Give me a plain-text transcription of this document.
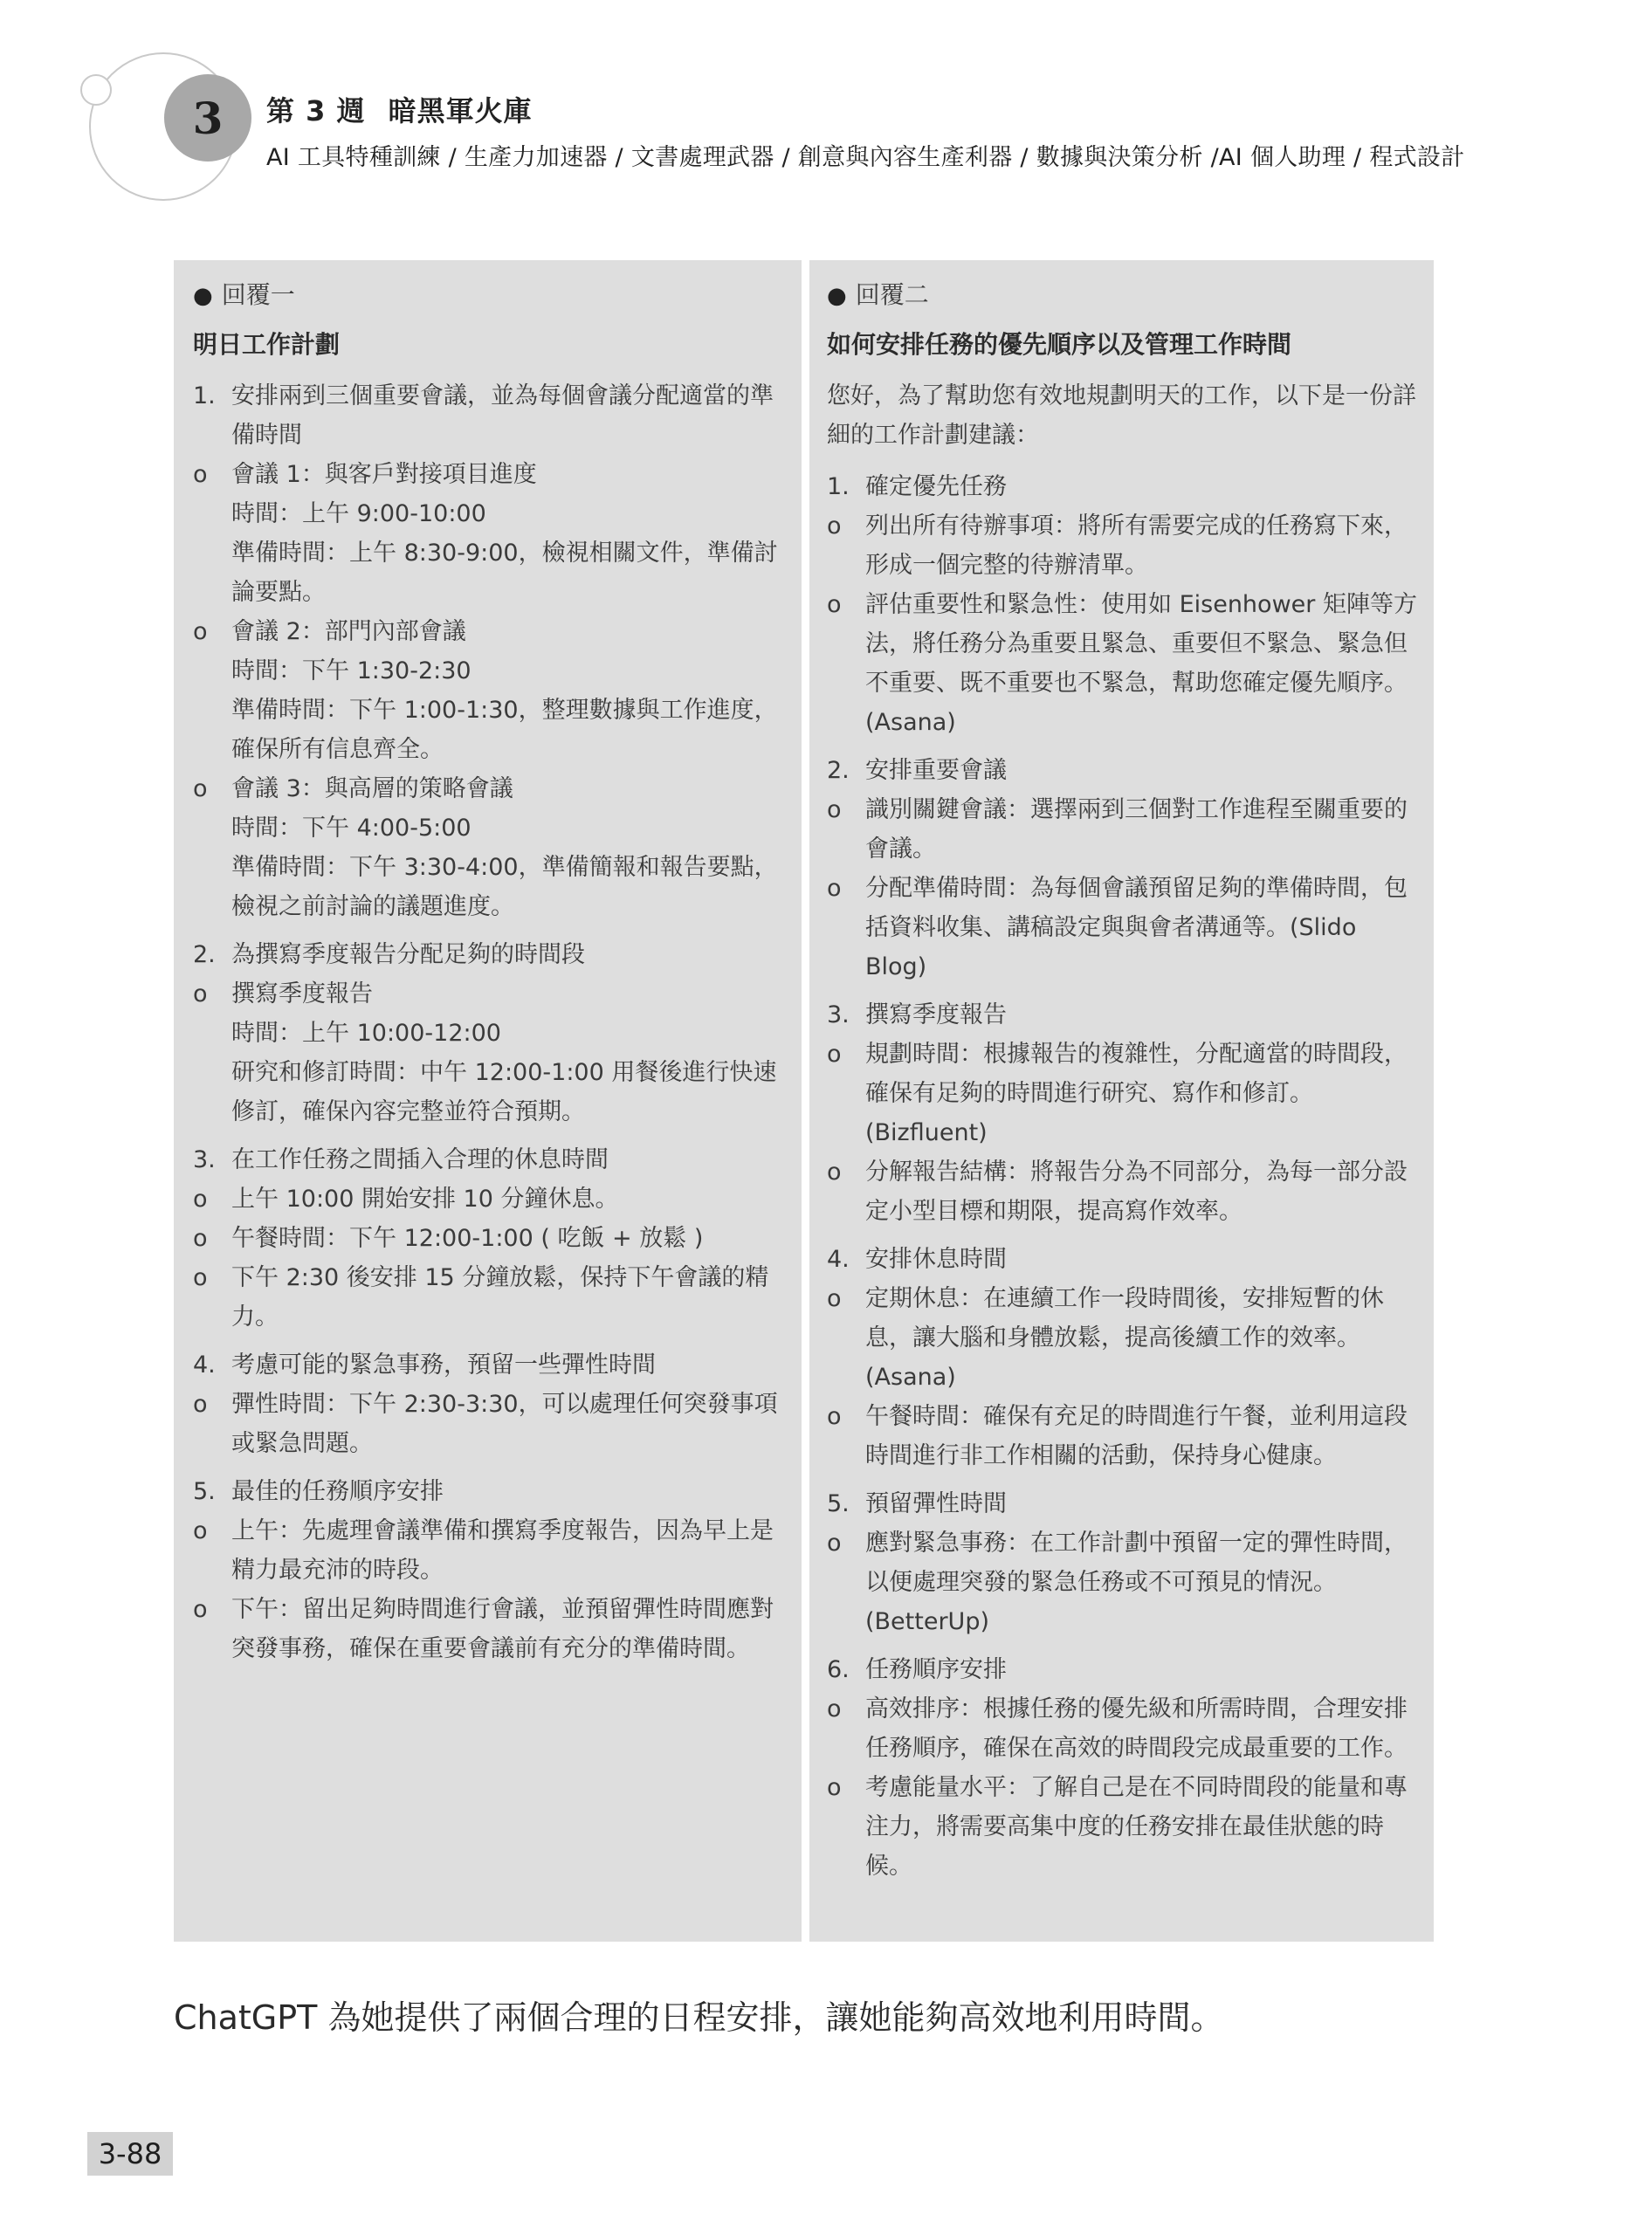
3 第 3 週 暗黑軍火庫
AI 工具特種訓練 / 生產力加速器 / 文書處理武器 / 創意與內容生產利器 / 數據與決策分析 /AI 個人助理 / 程式設計
● 回覆一
明日工作計劃
1. 安排兩到三個重要會議，並為每個會議分配適當的準備時間
o	會議 1：與客戶對接項目進度
時間：上午 9:00-10:00
準備時間：上午 8:30-9:00，檢視相關文件，準備討論要點。
o	會議 2：部門內部會議
時間：下午 1:30-2:30
準備時間：下午 1:00-1:30，整理數據與工作進度，確保所有信息齊全。
o	會議 3：與高層的策略會議
時間：下午 4:00-5:00
準備時間：下午 3:30-4:00，準備簡報和報告要點，檢視之前討論的議題進度。
2. 為撰寫季度報告分配足夠的時間段
o	撰寫季度報告
時間：上午 10:00-12:00
研究和修訂時間：中午 12:00-1:00 用餐後進行快速修訂，確保內容完整並符合預期。
3. 在工作任務之間插入合理的休息時間
o	上午 10:00 開始安排 10 分鐘休息。
o	午餐時間：下午 12:00-1:00 ( 吃飯 + 放鬆 )
o	下午 2:30 後安排 15 分鐘放鬆，保持下午會議的精力。
4. 考慮可能的緊急事務，預留一些彈性時間
o	彈性時間：下午 2:30-3:30，可以處理任何突發事項或緊急問題。
5. 最佳的任務順序安排
o	上午：先處理會議準備和撰寫季度報告，因為早上是精力最充沛的時段。
o	下午：留出足夠時間進行會議，並預留彈性時間應對突發事務，確保在重要會議前有充分的準備時間。
● 回覆二
如何安排任務的優先順序以及管理工作時間
您好，為了幫助您有效地規劃明天的工作，以下是一份詳細的工作計劃建議：
1. 確定優先任務
o	列出所有待辦事項：將所有需要完成的任務寫下來，形成一個完整的待辦清單。
o	評估重要性和緊急性：使用如 Eisenhower 矩陣等方法，將任務分為重要且緊急、重要但不緊急、緊急但不重要、既不重要也不緊急，幫助您確定優先順序。(Asana)
2. 安排重要會議
o	識別關鍵會議：選擇兩到三個對工作進程至關重要的會議。
o	分配準備時間：為每個會議預留足夠的準備時間，包括資料收集、講稿設定與與會者溝通等。(Slido Blog)
3. 撰寫季度報告
o	規劃時間：根據報告的複雜性，分配適當的時間段，確保有足夠的時間進行研究、寫作和修訂。(Bizfluent)
o	分解報告結構：將報告分為不同部分，為每一部分設定小型目標和期限，提高寫作效率。
4. 安排休息時間
o	定期休息：在連續工作一段時間後，安排短暫的休息，讓大腦和身體放鬆，提高後續工作的效率。(Asana)
o	午餐時間：確保有充足的時間進行午餐，並利用這段時間進行非工作相關的活動，保持身心健康。
5. 預留彈性時間
o	應對緊急事務：在工作計劃中預留一定的彈性時間，以便處理突發的緊急任務或不可預見的情況。(BetterUp)
6. 任務順序安排
o	高效排序：根據任務的優先級和所需時間，合理安排任務順序，確保在高效的時間段完成最重要的工作。
o	考慮能量水平：了解自己是在不同時間段的能量和專注力，將需要高集中度的任務安排在最佳狀態的時候。
ChatGPT 為她提供了兩個合理的日程安排，讓她能夠高效地利用時間。
3-88
